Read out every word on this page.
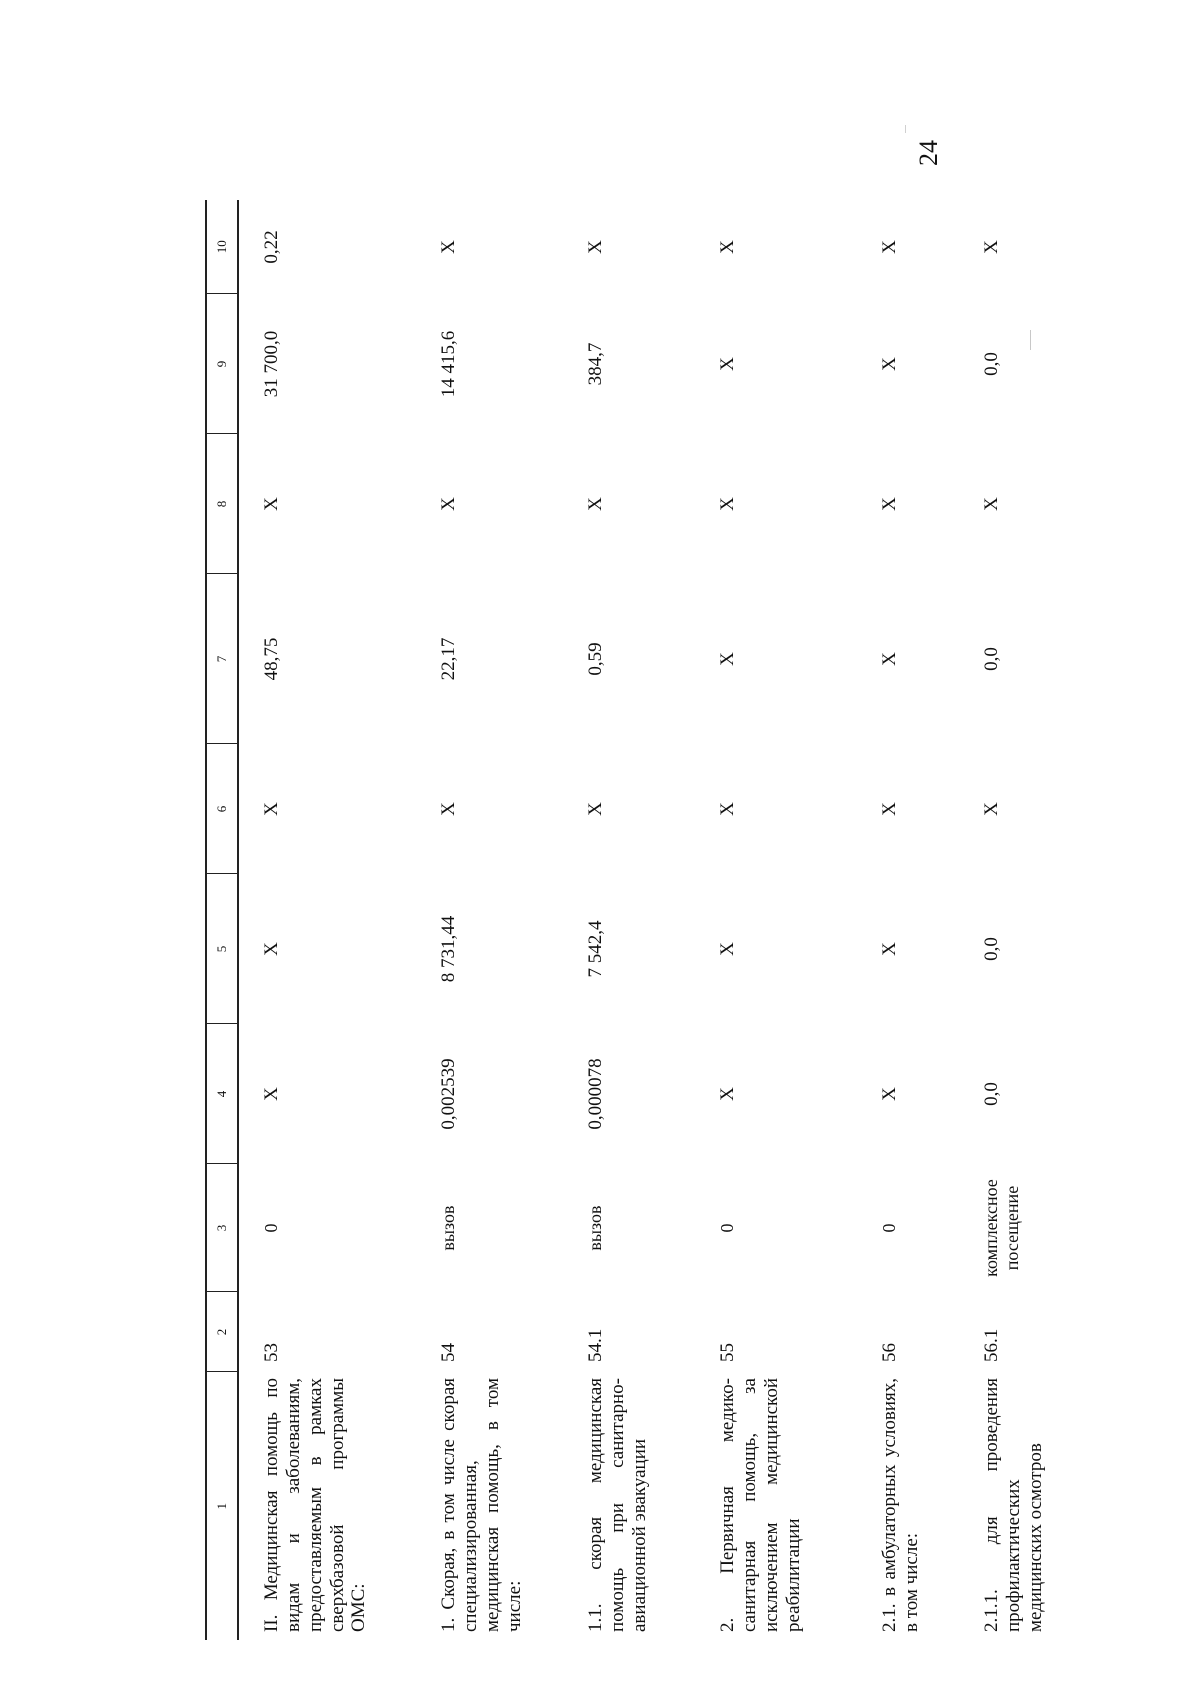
24
1	2	3	4	5	6	7	8	9	10
II. Медицинская помощь по видам и заболеваниям, предоставляемым в рамках сверхбазовой программы ОМС:	53	0	X	X	X	48,75	X	31 700,0	0,22
1. Скорая, в том числе скорая специализированная, медицинская помощь, в том числе:	54	вызов	0,002539	8 731,44	X	22,17	X	14 415,6	X
1.1. скорая медицинская помощь при санитарно-авиационной эвакуации	54.1	вызов	0,000078	7 542,4	X	0,59	X	384,7	X
2. Первичная медико-санитарная помощь, за исключением медицинской реабилитации	55	0	X	X	X	X	X	X	X
2.1. в амбулаторных условиях, в том числе:	56	0	X	X	X	X	X	X	X
2.1.1. для проведения профилактических медицинских осмотров	56.1	комплексное посещение	0,0	0,0	X	0,0	X	0,0	X
